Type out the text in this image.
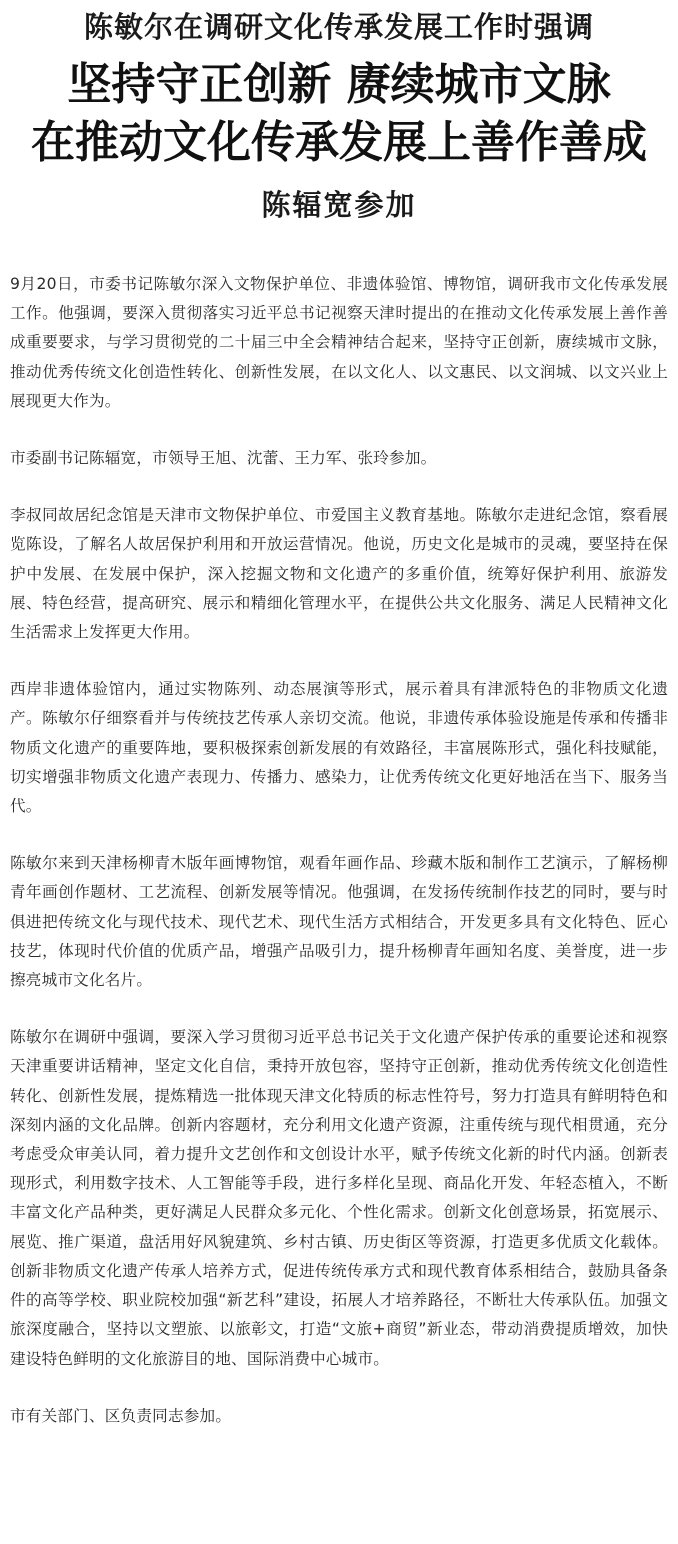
陈敏尔在调研文化传承发展工作时强调
坚持守正创新 赓续城市文脉
在推动文化传承发展上善作善成
陈辐宽参加

9月20日，市委书记陈敏尔深入文物保护单位、非遗体验馆、博物馆，调研我市文化传承发展工作。他强调，要深入贯彻落实习近平总书记视察天津时提出的在推动文化传承发展上善作善成重要要求，与学习贯彻党的二十届三中全会精神结合起来，坚持守正创新，赓续城市文脉，推动优秀传统文化创造性转化、创新性发展，在以文化人、以文惠民、以文润城、以文兴业上展现更大作为。

市委副书记陈辐宽，市领导王旭、沈蕾、王力军、张玲参加。

李叔同故居纪念馆是天津市文物保护单位、市爱国主义教育基地。陈敏尔走进纪念馆，察看展览陈设，了解名人故居保护利用和开放运营情况。他说，历史文化是城市的灵魂，要坚持在保护中发展、在发展中保护，深入挖掘文物和文化遗产的多重价值，统筹好保护利用、旅游发展、特色经营，提高研究、展示和精细化管理水平，在提供公共文化服务、满足人民精神文化生活需求上发挥更大作用。

西岸非遗体验馆内，通过实物陈列、动态展演等形式，展示着具有津派特色的非物质文化遗产。陈敏尔仔细察看并与传统技艺传承人亲切交流。他说，非遗传承体验设施是传承和传播非物质文化遗产的重要阵地，要积极探索创新发展的有效路径，丰富展陈形式，强化科技赋能，切实增强非物质文化遗产表现力、传播力、感染力，让优秀传统文化更好地活在当下、服务当代。

陈敏尔来到天津杨柳青木版年画博物馆，观看年画作品、珍藏木版和制作工艺演示，了解杨柳青年画创作题材、工艺流程、创新发展等情况。他强调，在发扬传统制作技艺的同时，要与时俱进把传统文化与现代技术、现代艺术、现代生活方式相结合，开发更多具有文化特色、匠心技艺，体现时代价值的优质产品，增强产品吸引力，提升杨柳青年画知名度、美誉度，进一步擦亮城市文化名片。

陈敏尔在调研中强调，要深入学习贯彻习近平总书记关于文化遗产保护传承的重要论述和视察天津重要讲话精神，坚定文化自信，秉持开放包容，坚持守正创新，推动优秀传统文化创造性转化、创新性发展，提炼精选一批体现天津文化特质的标志性符号，努力打造具有鲜明特色和深刻内涵的文化品牌。创新内容题材，充分利用文化遗产资源，注重传统与现代相贯通，充分考虑受众审美认同，着力提升文艺创作和文创设计水平，赋予传统文化新的时代内涵。创新表现形式，利用数字技术、人工智能等手段，进行多样化呈现、商品化开发、年轻态植入，不断丰富文化产品种类，更好满足人民群众多元化、个性化需求。创新文化创意场景，拓宽展示、展览、推广渠道，盘活用好风貌建筑、乡村古镇、历史街区等资源，打造更多优质文化载体。创新非物质文化遗产传承人培养方式，促进传统传承方式和现代教育体系相结合，鼓励具备条件的高等学校、职业院校加强“新艺科”建设，拓展人才培养路径，不断壮大传承队伍。加强文旅深度融合，坚持以文塑旅、以旅彰文，打造“文旅+商贸”新业态，带动消费提质增效，加快建设特色鲜明的文化旅游目的地、国际消费中心城市。

市有关部门、区负责同志参加。
